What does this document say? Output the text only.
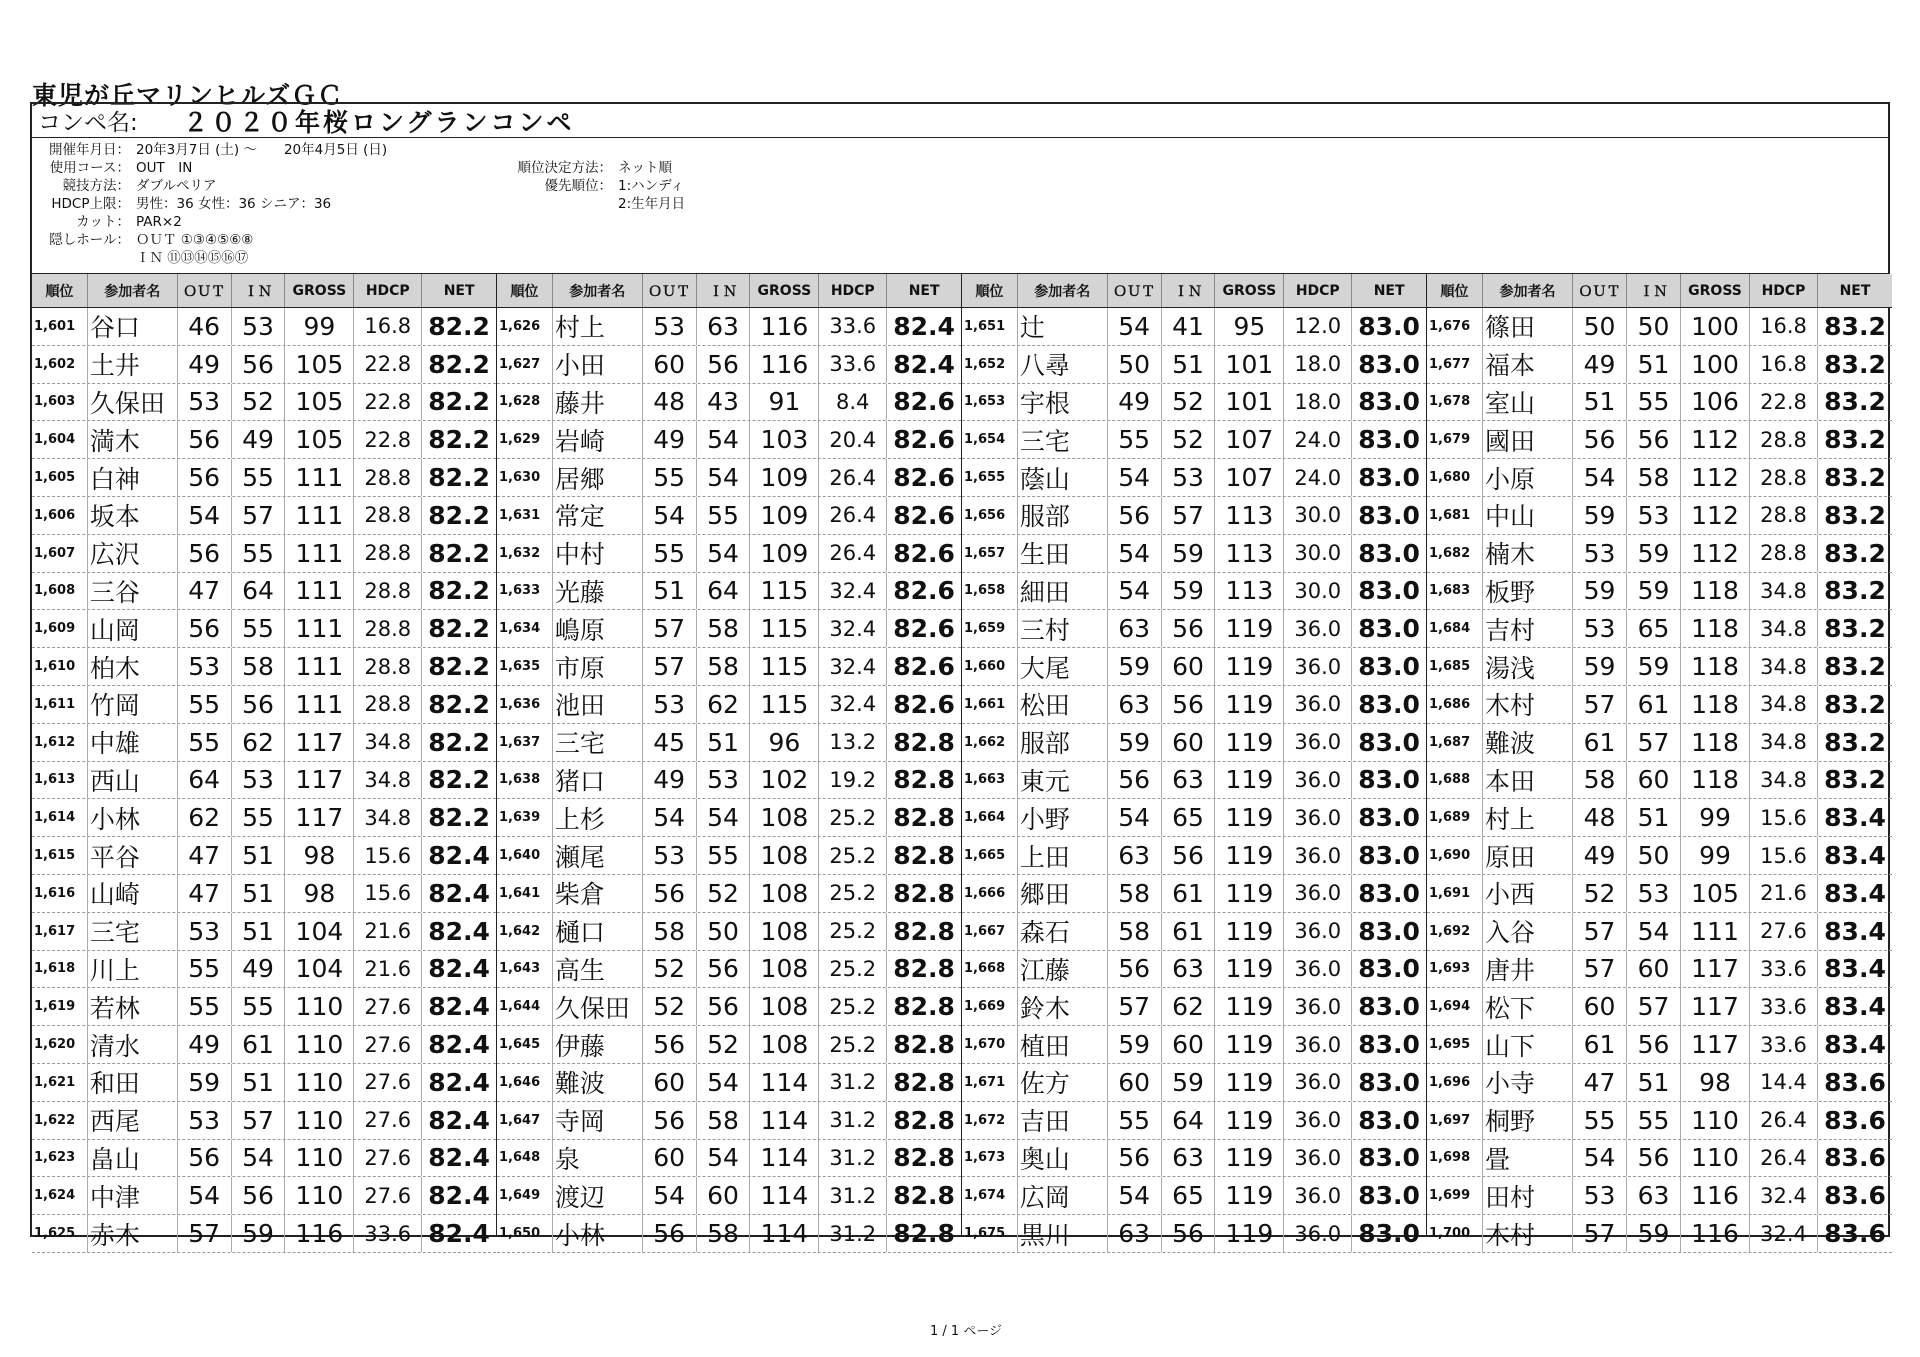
東児が丘マリンヒルズＧＣ
コンペ名:	２０２０年桜ロングランコンペ
開催年月日： 20年3月7日 (土) ～　　20年4月5日 (日)
使用コース： OUT　IN
競技方法： ダブルペリア
HDCP上限： 男性：36 女性：36 シニア：36
カット： PAR×2
隠しホール： ＯＵＴ ①③④⑤⑥⑧
ＩＮ ⑪⑬⑭⑮⑯⑰
順位決定方法： ネット順
優先順位： 1:ハンディ
2:生年月日
順位	参加者名	ＯＵＴ	ＩＮ	GROSS	HDCP	NET
1,601 谷口	46 53	99	16.8 82.2
1,602 土井	49 56 105	22.8 82.2
1,603 久保田 53 52 105	22.8 82.2
1,604 満木	56 49 105	22.8 82.2
1,605 白神	56 55 111	28.8 82.2
1,606 坂本	54 57 111	28.8 82.2
1,607 広沢	56 55 111	28.8 82.2
1,608 三谷	47 64 111	28.8 82.2
1,609 山岡	56 55 111	28.8 82.2
1,610 柏木	53 58 111	28.8 82.2
1,611 竹岡	55 56 111	28.8 82.2
1,612 中雄	55 62 117	34.8 82.2
1,613 西山	64 53 117	34.8 82.2
1,614 小林	62 55 117	34.8 82.2
1,615 平谷	47 51	98	15.6 82.4
1,616 山崎	47 51	98	15.6 82.4
1,617 三宅	53 51 104	21.6 82.4
1,618 川上	55 49 104	21.6 82.4
1,619 若林	55 55 110	27.6 82.4
1,620 清水	49 61 110	27.6 82.4
1,621 和田	59 51 110	27.6 82.4
1,622 西尾	53 57 110	27.6 82.4
1,623 畠山	56 54 110	27.6 82.4
1,624 中津	54 56 110	27.6 82.4
1,625 赤木	57 59 116	33.6 82.4
順位	参加者名	ＯＵＴ	ＩＮ	GROSS	HDCP	NET
1,626 村上	53 63 116	33.6 82.4
1,627 小田	60 56 116	33.6 82.4
1,628 藤井	48 43	91	8.4 82.6
1,629 岩崎	49 54 103	20.4 82.6
1,630 居郷	55 54 109	26.4 82.6
1,631 常定	54 55 109	26.4 82.6
1,632 中村	55 54 109	26.4 82.6
1,633 光藤	51 64 115	32.4 82.6
1,634 嶋原	57 58 115	32.4 82.6
1,635 市原	57 58 115	32.4 82.6
1,636 池田	53 62 115	32.4 82.6
1,637 三宅	45 51	96	13.2 82.8
1,638 猪口	49 53 102	19.2 82.8
1,639 上杉	54 54 108	25.2 82.8
1,640 瀬尾	53 55 108	25.2 82.8
1,641 柴倉	56 52 108	25.2 82.8
1,642 樋口	58 50 108	25.2 82.8
1,643 高生	52 56 108	25.2 82.8
1,644 久保田 52 56 108	25.2 82.8
1,645 伊藤	56 52 108	25.2 82.8
1,646 難波	60 54 114	31.2 82.8
1,647 寺岡	56 58 114	31.2 82.8
1,648 泉	60 54 114	31.2 82.8
1,649 渡辺	54 60 114	31.2 82.8
1,650 小林	56 58 114	31.2 82.8
順位	参加者名	ＯＵＴ	ＩＮ	GROSS	HDCP	NET
1,651 辻	54 41	95	12.0 83.0
1,652 八尋	50 51 101	18.0 83.0
1,653 宇根	49 52 101	18.0 83.0
1,654 三宅	55 52 107	24.0 83.0
1,655 蔭山	54 53 107	24.0 83.0
1,656 服部	56 57 113	30.0 83.0
1,657 生田	54 59 113	30.0 83.0
1,658 細田	54 59 113	30.0 83.0
1,659 三村	63 56 119	36.0 83.0
1,660 大尾	59 60 119	36.0 83.0
1,661 松田	63 56 119	36.0 83.0
1,662 服部	59 60 119	36.0 83.0
1,663 東元	56 63 119	36.0 83.0
1,664 小野	54 65 119	36.0 83.0
1,665 上田	63 56 119	36.0 83.0
1,666 郷田	58 61 119	36.0 83.0
1,667 森石	58 61 119	36.0 83.0
1,668 江藤	56 63 119	36.0 83.0
1,669 鈴木	57 62 119	36.0 83.0
1,670 植田	59 60 119	36.0 83.0
1,671 佐方	60 59 119	36.0 83.0
1,672 吉田	55 64 119	36.0 83.0
1,673 奥山	56 63 119	36.0 83.0
1,674 広岡	54 65 119	36.0 83.0
1,675 黒川	63 56 119	36.0 83.0
順位	参加者名	ＯＵＴ	ＩＮ	GROSS	HDCP	NET
1,676 篠田	50 50 100	16.8 83.2
1,677 福本	49 51 100	16.8 83.2
1,678 室山	51 55 106	22.8 83.2
1,679 國田	56 56 112	28.8 83.2
1,680 小原	54 58 112	28.8 83.2
1,681 中山	59 53 112	28.8 83.2
1,682 楠木	53 59 112	28.8 83.2
1,683 板野	59 59 118	34.8 83.2
1,684 吉村	53 65 118	34.8 83.2
1,685 湯浅	59 59 118	34.8 83.2
1,686 木村	57 61 118	34.8 83.2
1,687 難波	61 57 118	34.8 83.2
1,688 本田	58 60 118	34.8 83.2
1,689 村上	48 51	99	15.6 83.4
1,690 原田	49 50	99	15.6 83.4
1,691 小西	52 53 105	21.6 83.4
1,692 入谷	57 54 111	27.6 83.4
1,693 唐井	57 60 117	33.6 83.4
1,694 松下	60 57 117	33.6 83.4
1,695 山下	61 56 117	33.6 83.4
1,696 小寺	47 51	98	14.4 83.6
1,697 桐野	55 55 110	26.4 83.6
1,698 畳	54 56 110	26.4 83.6
1,699 田村	53 63 116	32.4 83.6
1,700 木村	57 59 116	32.4 83.6
1 / 1 ページ
